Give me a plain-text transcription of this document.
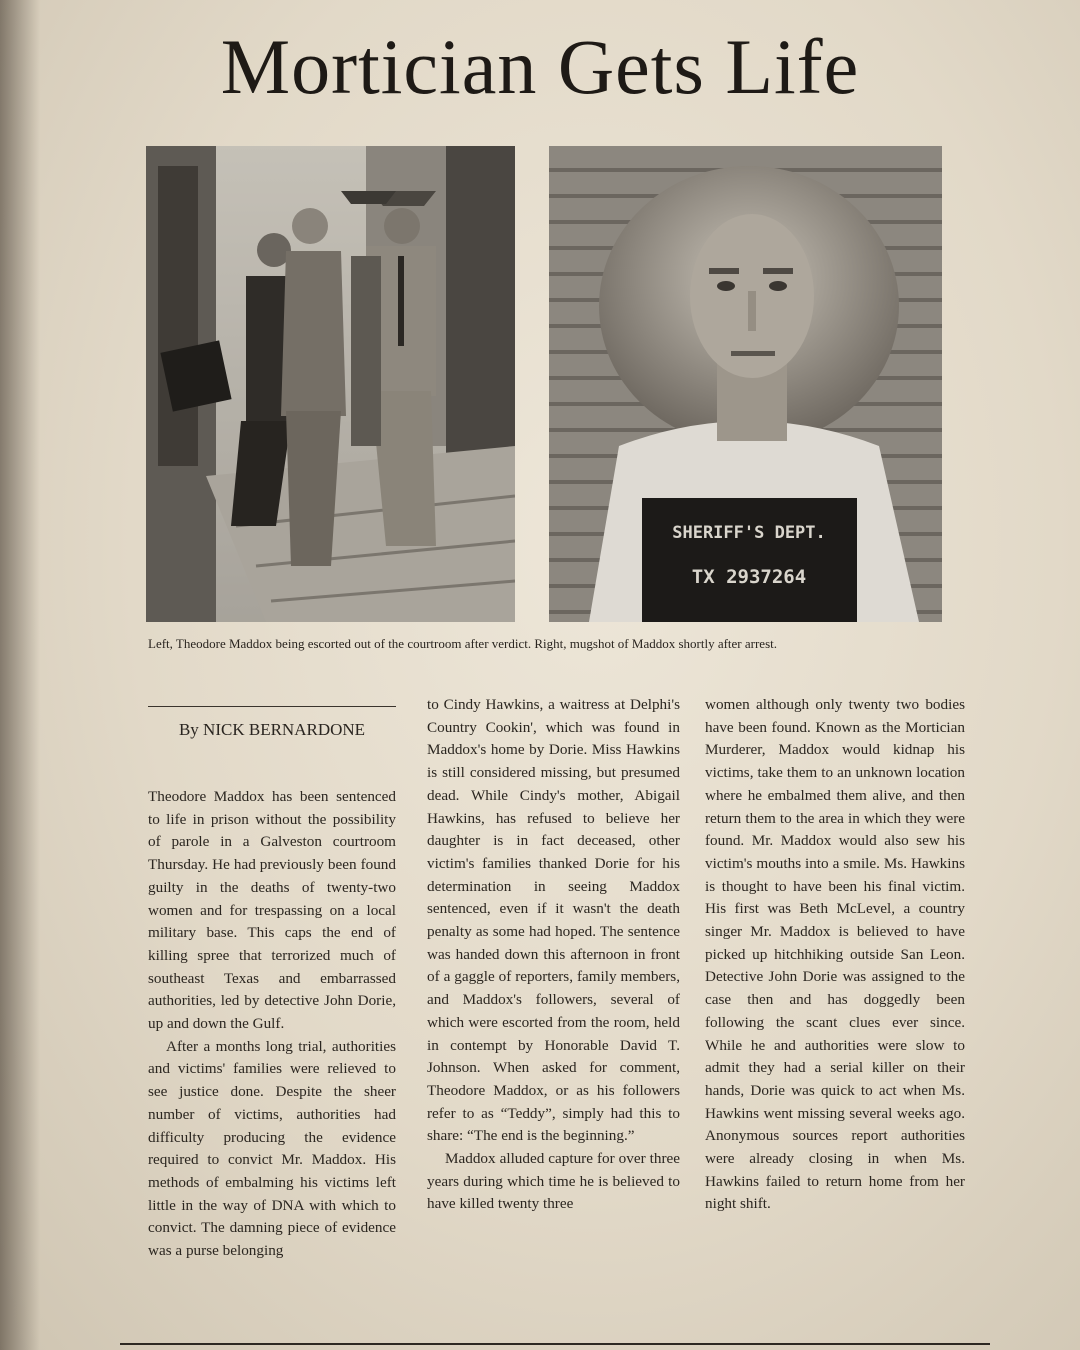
Mortician Gets Life
SHERIFF'S DEPT.
TX 2937264
Left, Theodore Maddox being escorted out of the courtroom after verdict. Right, mugshot of Maddox shortly after arrest.
By NICK BERNARDONE

Theodore Maddox has been sentenced to life in prison without the possibility of parole in a Galveston courtroom Thursday. He had previously been found guilty in the deaths of twenty-two women and for trespassing on a local military base. This caps the end of killing spree that terrorized much of southeast Texas and embarrassed authorities, led by detective John Dorie, up and down the Gulf.

After a months long trial, authorities and victims' families were relieved to see justice done. Despite the sheer number of victims, authorities had difficulty producing the evidence required to convict Mr. Maddox. His methods of embalming his victims left little in the way of DNA with which to convict. The damning piece of evidence was a purse belonging

to Cindy Hawkins, a waitress at Delphi's Country Cookin', which was found in Maddox's home by Dorie. Miss Hawkins is still considered missing, but presumed dead. While Cindy's mother, Abigail Hawkins, has refused to believe her daughter is in fact deceased, other victim's families thanked Dorie for his determination in seeing Maddox sentenced, even if it wasn't the death penalty as some had hoped. The sentence was handed down this afternoon in front of a gaggle of reporters, family members, and Maddox's followers, several of which were escorted from the room, held in contempt by Honorable David T. Johnson. When asked for comment, Theodore Maddox, or as his followers refer to as “Teddy”, simply had this to share: “The end is the beginning.”

Maddox alluded capture for over three years during which time he is believed to have killed twenty three

women although only twenty two bodies have been found. Known as the Mortician Murderer, Maddox would kidnap his victims, take them to an unknown location where he embalmed them alive, and then return them to the area in which they were found. Mr. Maddox would also sew his victim's mouths into a smile. Ms. Hawkins is thought to have been his final victim. His first was Beth McLevel, a country singer Mr. Maddox is believed to have picked up hitchhiking outside San Leon. Detective John Dorie was assigned to the case then and has doggedly been following the scant clues ever since. While he and authorities were slow to admit they had a serial killer on their hands, Dorie was quick to act when Ms. Hawkins went missing several weeks ago. Anonymous sources report authorities were already closing in when Ms. Hawkins failed to return home from her night shift.
